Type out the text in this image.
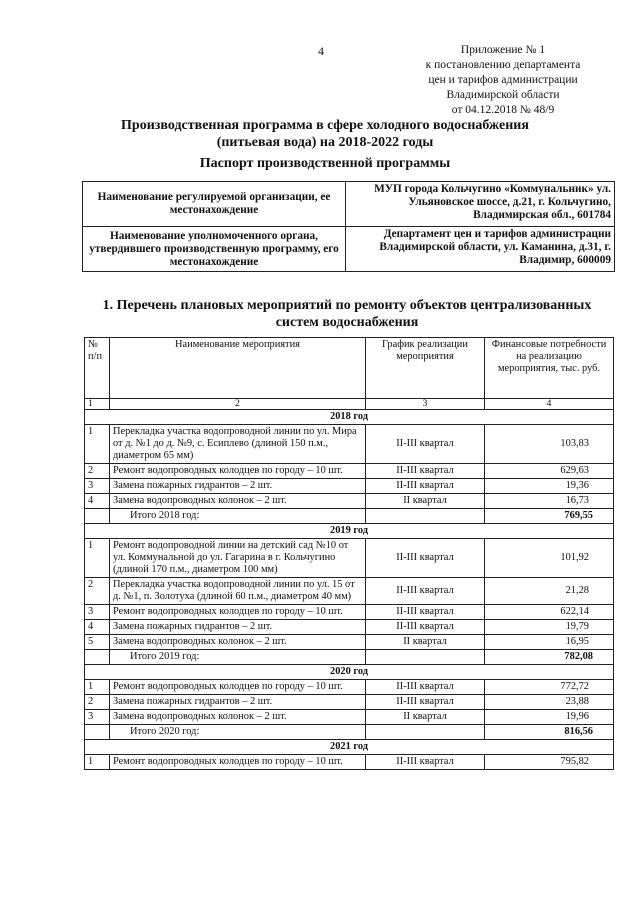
4	Приложение № 1
к постановлению департамента
цен и тарифов администрации
Владимирской области
от 04.12.2018 № 48/9
Производственная программа в сфере холодного водоснабжения
(питьевая вода) на 2018-2022 годы
Паспорт производственной программы
Наименование регулируемой организации, ее местонахождение	МУП города Кольчугино «Коммунальник» ул. Ульяновское шоссе, д.21, г. Кольчугино, Владимирская обл., 601784
Наименование уполномоченного органа, утвердившего производственную программу, его местонахождение	Департамент цен и тарифов администрации Владимирской области, ул. Каманина, д.31, г. Владимир, 600009
1. Перечень плановых мероприятий по ремонту объектов централизованных
систем водоснабжения
№ п/п	Наименование мероприятия	График реализации мероприятия	Финансовые потребности на реализацию мероприятия, тыс. руб.
1	2	3	4
2018 год			
1	Перекладка участка водопроводной линии по ул. Мира от д. №1 до д. №9, с. Есиплево (длиной 150 п.м., диаметром 65 мм)	II-III квартал	103,83
2	Ремонт водопроводных колодцев по городу – 10 шт.	II-III квартал	629,63
3	Замена пожарных гидрантов – 2 шт.	II-III квартал	19,36
4	Замена водопроводных колонок – 2 шт.	II квартал	16,73
	Итого 2018 год:		769,55
2019 год			
1	Ремонт водопроводной линии на детский сад №10 от ул. Коммунальной до ул. Гагарина в г. Кольчугино (длиной 170 п.м., диаметром 100 мм)	II-III квартал	101,92
2	Перекладка участка водопроводной линии по ул. 15 от д. №1, п. Золотуха (длиной 60 п.м., диаметром 40 мм)	II-III квартал	21,28
3	Ремонт водопроводных колодцев по городу – 10 шт.	II-III квартал	622,14
4	Замена пожарных гидрантов – 2 шт.	II-III квартал	19,79
5	Замена водопроводных колонок – 2 шт.	II квартал	16,95
	Итого 2019 год:		782,08
2020 год			
1	Ремонт водопроводных колодцев по городу – 10 шт.	II-III квартал	772,72
2	Замена пожарных гидрантов – 2 шт.	II-III квартал	23,88
3	Замена водопроводных колонок – 2 шт.	II квартал	19,96
	Итого 2020 год:		816,56
2021 год			
1	Ремонт водопроводных колодцев по городу – 10 шт.	II-III квартал	795,82
